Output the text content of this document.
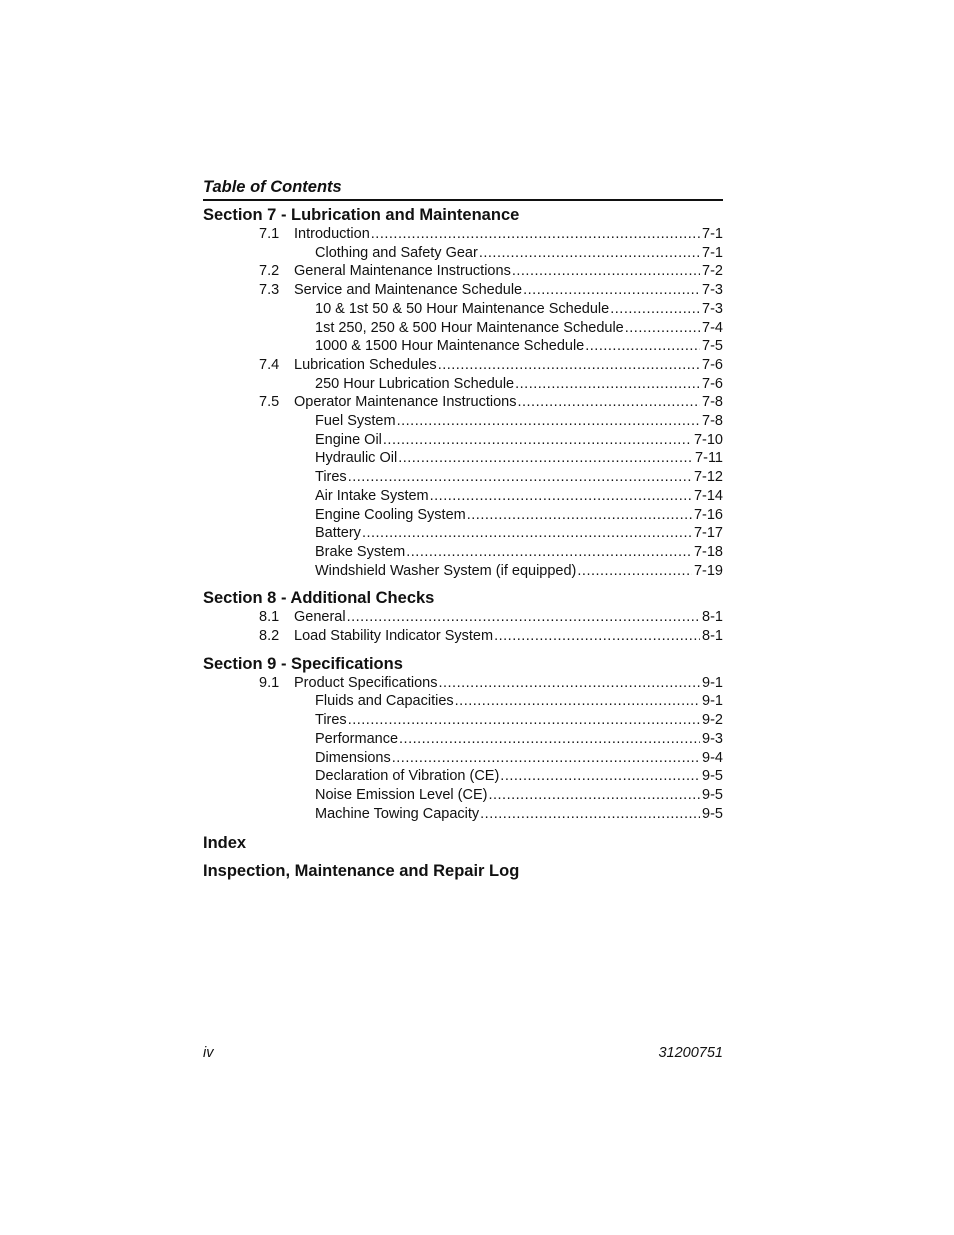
Table of Contents
Section 7 - Lubrication and Maintenance
7.1	Introduction .....	7-1
Clothing and Safety Gear .....	7-1
7.2	General Maintenance Instructions .....	7-2
7.3	Service and Maintenance Schedule .....	7-3
10 & 1st 50 & 50 Hour Maintenance Schedule .....	7-3
1st 250, 250 & 500 Hour Maintenance Schedule .....	7-4
1000 & 1500 Hour Maintenance Schedule .....	7-5
7.4	Lubrication Schedules .....	7-6
250 Hour Lubrication Schedule .....	7-6
7.5	Operator Maintenance Instructions .....	7-8
Fuel System .....	7-8
Engine Oil .....	7-10
Hydraulic Oil .....	7-11
Tires .....	7-12
Air Intake System .....	7-14
Engine Cooling System .....	7-16
Battery .....	7-17
Brake System .....	7-18
Windshield Washer System (if equipped) .....	7-19
Section 8 - Additional Checks
8.1	General .....	8-1
8.2	Load Stability Indicator System .....	8-1
Section 9 - Specifications
9.1	Product Specifications .....	9-1
Fluids and Capacities .....	9-1
Tires .....	9-2
Performance .....	9-3
Dimensions .....	9-4
Declaration of Vibration (CE) .....	9-5
Noise Emission Level (CE) .....	9-5
Machine Towing Capacity .....	9-5
Index
Inspection, Maintenance and Repair Log
iv	31200751
